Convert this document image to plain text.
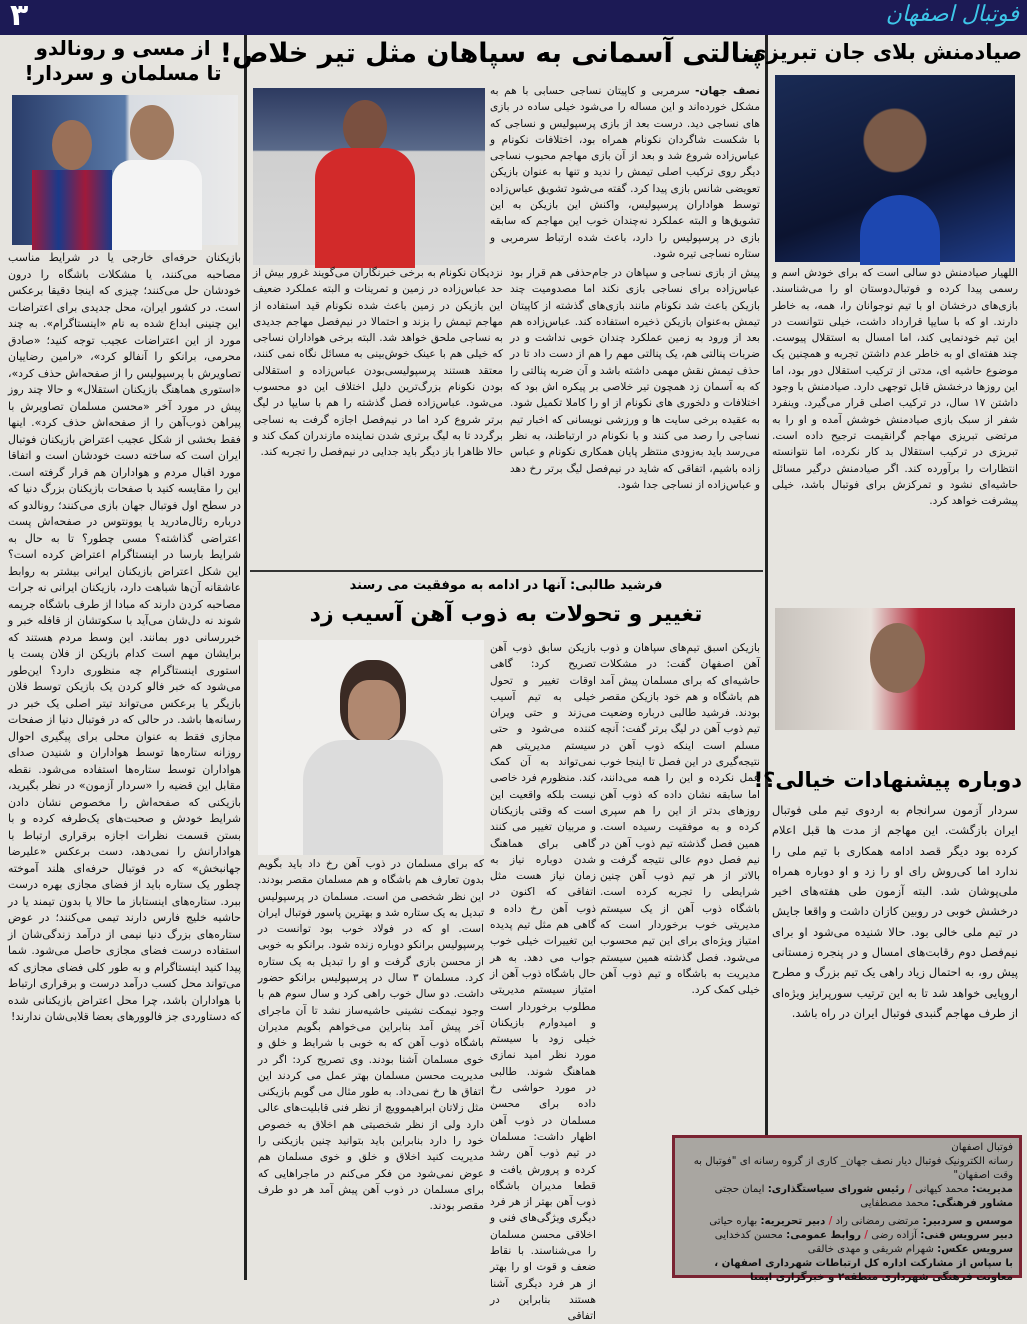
۳	فوتبال اصفهان
صیادمنش بلای جان تبریزی
اللهیار صیادمنش دو سالی است که برای خودش اسم و رسمی پیدا کرده و فوتبال‌دوستان او را می‌شناسند. بازی‌های درخشان او با تیم نوجوانان را، همه، به خاطر دارند. او که با سایپا قرارداد داشت، خیلی نتوانست در این تیم خودنمایی کند، اما امسال به استقلال پیوست. چند هفته‌ای او به خاطر عدم داشتن تجربه و همچنین یک موضوع حاشیه ای، مدتی از ترکیب استقلال دور بود، اما این روزها درخشش قابل توجهی دارد. صیادمنش با وجود داشتن ۱۷ سال، در ترکیب اصلی قرار می‌گیرد. وینفرد شفر از سبک بازی صیادمنش خوشش آمده و او را به مرتضی تبریزی مهاجم گرانقیمت ترجیح داده است. تبریزی در ترکیب استقلال بد کار نکرده، اما نتوانسته انتظارات را برآورده کند. اگر صیادمنش درگیر مسائل حاشیه‌ای نشود و تمرکزش برای فوتبال باشد، خیلی پیشرفت خواهد کرد.
دوباره پیشنهادات خیالی؟!
سردار آزمون سرانجام به اردوی تیم ملی فوتبال ایران بازگشت. این مهاجم از مدت ها قبل اعلام کرده بود دیگر قصد ادامه همکاری با تیم ملی را ندارد اما کی‌روش رای او را زد و او دوباره همراه ملی‌پوشان شد. البته آزمون طی هفته‌های اخیر درخشش خوبی در روبین کازان داشت و واقعا جایش در تیم ملی خالی بود. حالا شنیده می‌شود او برای نیم‌فصل دوم رقابت‌های امسال و در پنجره زمستانی پیش رو، به احتمال زیاد راهی یک تیم بزرگ و مطرح اروپایی خواهد شد تا به این ترتیب سورپرایز ویژه‌ای از طرف مهاجم گنبدی فوتبال ایران در راه باشد.
فوتبال اصفهان
رسانه الکترونیک فوتبال دیار نصف جهان_ کاری از گروه رسانه ای "فوتبال به وقت اصفهان"
مدیریت: محمد کیهانی / رئیس شورای سیاستگذاری: ایمان حجتی
مشاور فرهنگی: محمد مصطفایی
موسس و سردبیر: مرتضی رمضانی راد / دبیر تحریریه: بهاره حیاتی
دبیر سرویس فنی: آزاده رضی / روابط عمومی: محسن کدخدایی
سرویس عکس: شهرام شریفی و مهدی خالقی
با سپاس از مشارکت اداره کل ارتباطات شهرداری اصفهان ، معاونت فرهنگی شهرداری منطقه۲ و خبرگزاری ایمنا
پنالتی آسمانی به سپاهان مثل تیر خلاص!
نصف جهان- سرمربی و کاپیتان نساجی حسابی با هم به مشکل خورده‌اند و این مساله را می‌شود خیلی ساده در بازی های نساجی دید. درست بعد از بازی پرسپولیس و نساجی که با شکست شاگردان نکونام همراه بود، اختلافات نکونام و عباس‌زاده شروع شد و بعد از آن بازی مهاجم محبوب نساجی دیگر روی ترکیب اصلی تیمش را ندید و تنها به عنوان بازیکن تعویضی شانس بازی پیدا کرد. گفته می‌شود تشویق عباس‌زاده توسط هواداران پرسپولیس، واکنش این بازیکن به این تشویق‌ها و البته عملکرد نه‌چندان خوب این مهاجم که سابقه بازی در پرسپولیس را دارد، باعث شده ارتباط سرمربی و ستاره نساجی تیره شود.
پیش از بازی نساجی و سپاهان در جام‌حذفی هم قرار بود عباس‌زاده برای نساجی بازی نکند اما مصدومیت چند بازیکن باعث شد نکونام مانند بازی‌های گذشته از کاپیتان تیمش به‌عنوان بازیکن ذخیره استفاده کند. عباس‌زاده هم بعد از ورود به زمین عملکرد چندان خوبی نداشت و در ضربات پنالتی هم، یک پنالتی مهم را هم از دست داد تا در حذف تیمش نقش مهمی داشته باشد و آن ضربه پنالتی را که به آسمان زد همچون تیر خلاصی بر پیکره اش بود که اختلافات و دلخوری های نکونام از او را کاملا تکمیل شود. به عقیده برخی سایت ها و ورزشی نویسانی که اخبار تیم نساجی را رصد می کنند و با نکونام در ارتباطند، به نظر می‌رسد باید به‌زودی منتظر پایان همکاری نکونام و عباس زاده باشیم، اتفاقی که شاید در نیم‌فصل لیگ برتر رخ دهد و عباس‌زاده از نساجی جدا شود.
نزدیکان نکونام به برخی خبرنگاران می‌گویند غرور بیش از حد عباس‌زاده در زمین و تمرینات و البته عملکرد ضعیف این بازیکن در زمین باعث شده نکونام قید استفاده از مهاجم تیمش را بزند و احتمالا در نیم‌فصل مهاجم جدیدی به نساجی ملحق خواهد شد. البته برخی هواداران نساجی که خیلی هم با عینک خوش‌بینی به مسائل نگاه نمی کنند، معتقد هستند پرسپولیسی‌بودن عباس‌زاده و استقلالی بودن نکونام بزرگ‌ترین دلیل اختلاف این دو محسوب می‌شود. عباس‌زاده فصل گذشته را هم با سایپا در لیگ برتر شروع کرد اما در نیم‌فصل اجازه گرفت به نساجی برگردد تا به لیگ برتری شدن نماینده مازندران کمک کند و حالا ظاهرا باز دیگر باید جدایی در نیم‌فصل را تجربه کند.
فرشید طالبی: آنها در ادامه به موفقیت می رسند
تغییر و تحولات به ذوب آهن آسیب زد
بازیکن اسبق تیم‌های سپاهان و ذوب آهن اصفهان گفت: در مشکلات حاشیه‌ای که برای مسلمان پیش آمد هم باشگاه و هم خود بازیکن مقصر بودند. فرشید طالبی درباره وضعیت تیم ذوب آهن در لیگ برتر گفت: آنچه مسلم است اینکه ذوب آهن در نتیجه‌گیری در این فصل تا اینجا خوب عمل نکرده و این را همه می‌دانند، اما سابقه نشان داده که ذوب آهن روزهای بدتر از این را هم سپری کرده و به موفقیت رسیده است. همین فصل گذشته تیم ذوب آهن در نیم فصل دوم عالی نتیجه گرفت و بالاتر از هر تیم ذوب آهن چنین شرایطی را تجربه کرده است. باشگاه ذوب آهن از یک سیستم مدیریتی خوب برخوردار است که امتیاز ویژه‌ای برای این تیم محسوب می‌شود. فصل گذشته همین سیستم مدیریت به باشگاه و تیم ذوب آهن خیلی کمک کرد.
بازیکن سابق ذوب آهن تصریح کرد: گاهی اوقات تغییر و تحول خیلی به تیم آسیب می‌زند و حتی ویران کننده می‌شود و حتی سیستم مدیریتی هم نمی‌تواند به آن کمک کند. منظورم فرد خاصی نیست بلکه واقعیت این است که وقتی بازیکنان و مربیان تغییر می کنند گاهی برای هماهنگ شدن دوباره نیاز به زمان نیاز هست مثل اتفاقی که اکنون در ذوب آهن رخ داده و گاهی هم مثل تیم پدیده این تغییرات خیلی خوب جواب می دهد. به هر حال باشگاه ذوب آهن از امتیاز سیستم مدیریتی مطلوب برخوردار است و امیدوارم بازیکنان خیلی زود با سیستم مورد نظر امید نمازی هماهنگ شوند. طالبی در مورد حواشی رخ داده برای محسن مسلمان در ذوب آهن اظهار داشت: مسلمان در تیم ذوب آهن رشد کرده و پرورش یافت و قطعا مدیران باشگاه ذوب آهن بهتر از هر فرد دیگری ویژگی‌های فنی و اخلاقی محسن مسلمان را می‌شناسند. با نقاط ضعف و قوت او را بهتر از هر فرد دیگری آشنا هستند بنابراین در اتفاقی
که برای مسلمان در ذوب آهن رخ داد باید بگویم بدون تعارف هم باشگاه و هم مسلمان مقصر بودند. این نظر شخصی من است. مسلمان در پرسپولیس تبدیل به یک ستاره شد و بهترین پاسور فوتبال ایران است. او که در فولاد خوب بود توانست در پرسپولیس برانکو دوباره زنده شود. برانکو به خوبی از محسن بازی گرفت و او را تبدیل به یک ستاره کرد. مسلمان ۳ سال در پرسپولیس برانکو حضور داشت. دو سال خوب راهی کرد و سال سوم هم با وجود نیمکت نشینی حاشیه‌ساز نشد تا آن ماجرای آخر پیش آمد بنابراین می‌خواهم بگویم مدیران باشگاه ذوب آهن که به خوبی با شرایط و خلق و خوی مسلمان آشنا بودند. وی تصریح کرد: اگر در مدیریت محسن مسلمان بهتر عمل می کردند این اتفاق ها رخ نمی‌داد. به طور مثال می گویم بازیکنی مثل زلاتان ابراهیموویچ از نظر فنی قابلیت‌های عالی دارد ولی از نظر شخصیتی هم اخلاق به خصوص خود را دارد بنابراین باید بتوانید چنین بازیکنی را مدیریت کنید اخلاق و خلق و خوی مسلمان هم عوض نمی‌شود من فکر می‌کنم در ماجراهایی که برای مسلمان در ذوب آهن پیش آمد هر دو طرف مقصر بودند.
از مسی و رونالدو
تا مسلمان و سردار!
بازیکنان حرفه‌ای خارجی یا در شرایط مناسب مصاحبه می‌کنند، یا مشکلات باشگاه را درون خودشان حل می‌کنند؛ چیزی که اینجا دقیقا برعکس است. در کشور ایران، محل جدیدی برای اعتراضات این چنینی ابداع شده به نام «اینستاگرام». به چند مورد از این اعتراضات عجیب توجه کنید؛ «صادق محرمی، برانکو را آنفالو کرد»، «رامین رضاییان تصاویرش با پرسپولیس را از صفحه‌اش حذف کرد»، «استوری هماهنگ بازیکنان استقلال» و حالا چند روز پیش در مورد آخر «محسن مسلمان تصاویرش با پیراهن ذوب‌آهن را از صفحه‌اش حذف کرد». اینها فقط بخشی از شکل عجیب اعتراض بازیکنان فوتبال ایران است که ساخته دست خودشان است و اتفاقا مورد اقبال مردم و هواداران هم قرار گرفته است. این را مقایسه کنید با صفحات بازیکنان بزرگ دنیا که در سطح اول فوتبال جهان بازی می‌کنند؛ رونالدو که درباره رئال‌مادرید یا یوونتوس در صفحه‌اش پست اعتراضی گذاشته؟ مسی چطور؟ تا به حال به شرایط بارسا در اینستاگرام اعتراض کرده است؟ این شکل اعتراض بازیکنان ایرانی بیشتر به روابط عاشقانه آن‌ها شباهت دارد، بازیکنان ایرانی نه جرات مصاحبه کردن دارند که مبادا از طرف باشگاه جریمه شوند نه دل‌شان می‌آید با سکوتشان از قافله خبر و خبررسانی دور بمانند. این وسط مردم هستند که برایشان مهم است کدام بازیکن از فلان پست یا استوری اینستاگرام چه منظوری دارد؟ این‌طور می‌شود که خبر فالو کردن یک بازیکن توسط فلان بازیگر یا برعکس می‌تواند تیتر اصلی یک خبر در رسانه‌ها باشد. در حالی که در فوتبال دنیا از صفحات مجازی فقط به عنوان محلی برای پیگیری احوال روزانه ستاره‌ها توسط هواداران و شنیدن صدای هواداران توسط ستاره‌ها استفاده می‌شود. نقطه مقابل این قضیه را «سردار آزمون» در نظر بگیرید، بازیکنی که صفحه‌اش را مخصوص نشان دادن شرایط خودش و صحبت‌های یک‌طرفه کرده و با بستن قسمت نظرات اجازه برقراری ارتباط با هوادارانش را نمی‌دهد، دست برعکس «علیرضا جهانبخش» که در فوتبال حرفه‌ای هلند آموخته چطور یک ستاره باید از فضای مجازی بهره درست ببرد. ستاره‌های اینستاباز ما حالا یا بدون تیمند یا در حاشیه خلیج فارس دارند تیمی می‌کنند؛ در عوض ستاره‌های بزرگ دنیا نیمی از درآمد زندگی‌شان از استفاده درست فضای مجازی حاصل می‌شود. شما پیدا کنید اینستاگرام و به طور کلی فضای مجازی که می‌تواند محل کسب درآمد درست و برقراری ارتباط با هواداران باشد، چرا محل اعتراض بازیکنانی شده که دستاوردی جز فالوورهای بعضا قلابی‌شان ندارند!
